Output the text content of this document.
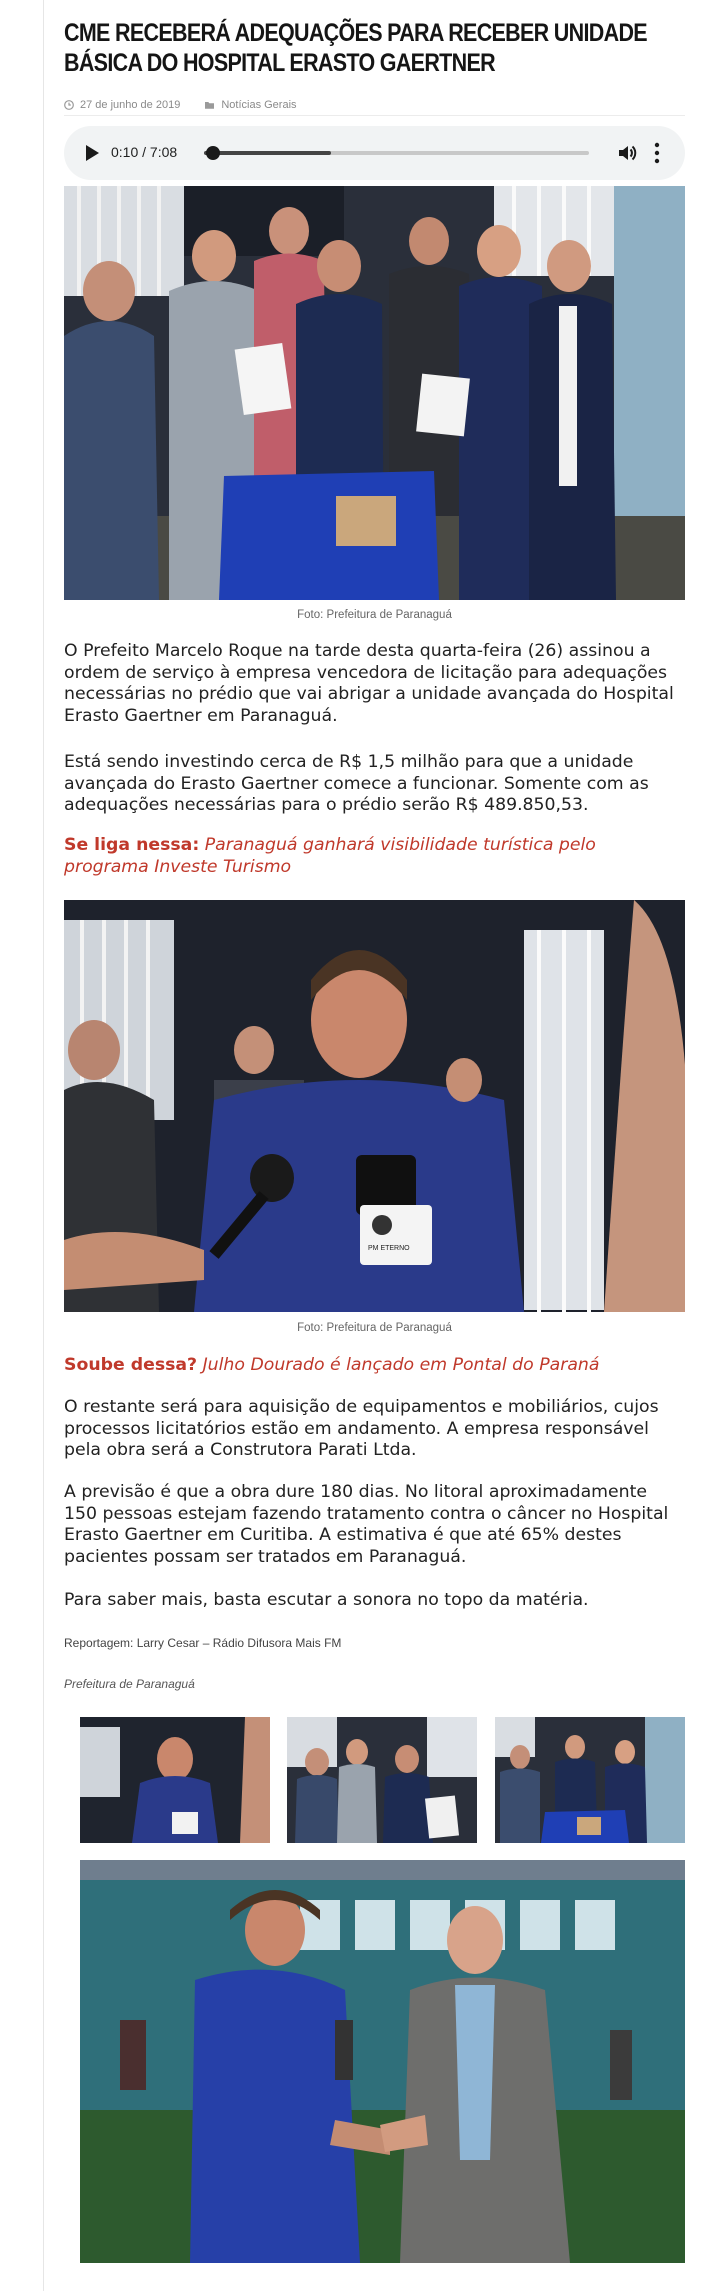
CME RECEBERÁ ADEQUAÇÕES PARA RECEBER UNIDADE BÁSICA DO HOSPITAL ERASTO GAERTNER
27 de junho de 2019	Notícias Gerais
0:10 / 7:08
Foto: Prefeitura de Paranaguá

O Prefeito Marcelo Roque na tarde desta quarta-feira (26) assinou a ordem de serviço à empresa vencedora de licitação para adequações necessárias no prédio que vai abrigar a unidade avançada do Hospital Erasto Gaertner em Paranaguá.

Está sendo investindo cerca de R$ 1,5 milhão para que a unidade avançada do Erasto Gaertner comece a funcionar. Somente com as adequações necessárias para o prédio serão R$ 489.850,53.

Se liga nessa: Paranaguá ganhará visibilidade turística pelo programa Investe Turismo

PM ETERNO
Foto: Prefeitura de Paranaguá

Soube dessa? Julho Dourado é lançado em Pontal do Paraná

O restante será para aquisição de equipamentos e mobiliários, cujos processos licitatórios estão em andamento. A empresa responsável pela obra será a Construtora Parati Ltda.

A previsão é que a obra dure 180 dias. No litoral aproximadamente 150 pessoas estejam fazendo tratamento contra o câncer no Hospital Erasto Gaertner em Curitiba. A estimativa é que até 65% destes pacientes possam ser tratados em Paranaguá.

Para saber mais, basta escutar a sonora no topo da matéria.

Reportagem: Larry Cesar – Rádio Difusora Mais FM
Prefeitura de Paranaguá
